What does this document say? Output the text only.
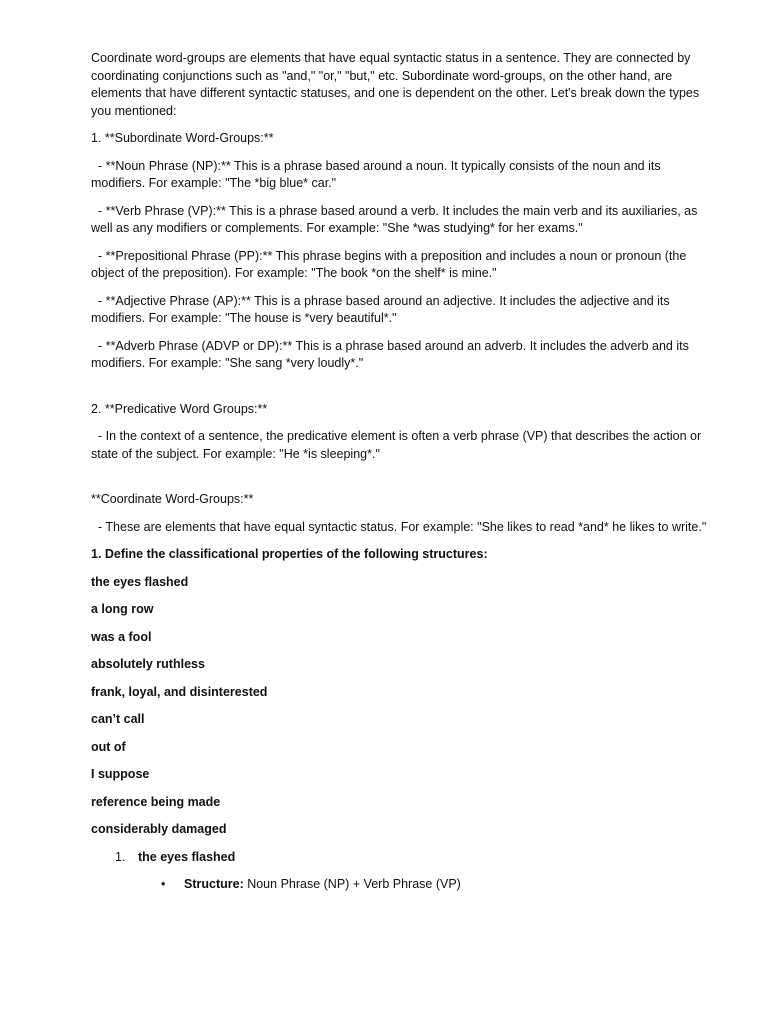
Coordinate word-groups are elements that have equal syntactic status in a sentence. They are connected by coordinating conjunctions such as "and," "or," "but," etc. Subordinate word-groups, on the other hand, are elements that have different syntactic statuses, and one is dependent on the other. Let's break down the types you mentioned:

1. **Subordinate Word-Groups:**

- **Noun Phrase (NP):** This is a phrase based around a noun. It typically consists of the noun and its modifiers. For example: "The *big blue* car."

- **Verb Phrase (VP):** This is a phrase based around a verb. It includes the main verb and its auxiliaries, as well as any modifiers or complements. For example: "She *was studying* for her exams."

- **Prepositional Phrase (PP):** This phrase begins with a preposition and includes a noun or pronoun (the object of the preposition). For example: "The book *on the shelf* is mine."

- **Adjective Phrase (AP):** This is a phrase based around an adjective. It includes the adjective and its modifiers. For example: "The house is *very beautiful*."

- **Adverb Phrase (ADVP or DP):** This is a phrase based around an adverb. It includes the adverb and its modifiers. For example: "She sang *very loudly*."

2. **Predicative Word Groups:**

- In the context of a sentence, the predicative element is often a verb phrase (VP) that describes the action or state of the subject. For example: "He *is sleeping*."

**Coordinate Word-Groups:**

- These are elements that have equal syntactic status. For example: "She likes to read *and* he likes to write."

1. Define the classificational properties of the following structures:

the eyes flashed

a long row

was a fool

absolutely ruthless

frank, loyal, and disinterested

can’t call

out of

I suppose

reference being made

considerably damaged

1. the eyes flashed
• Structure: Noun Phrase (NP) + Verb Phrase (VP)
